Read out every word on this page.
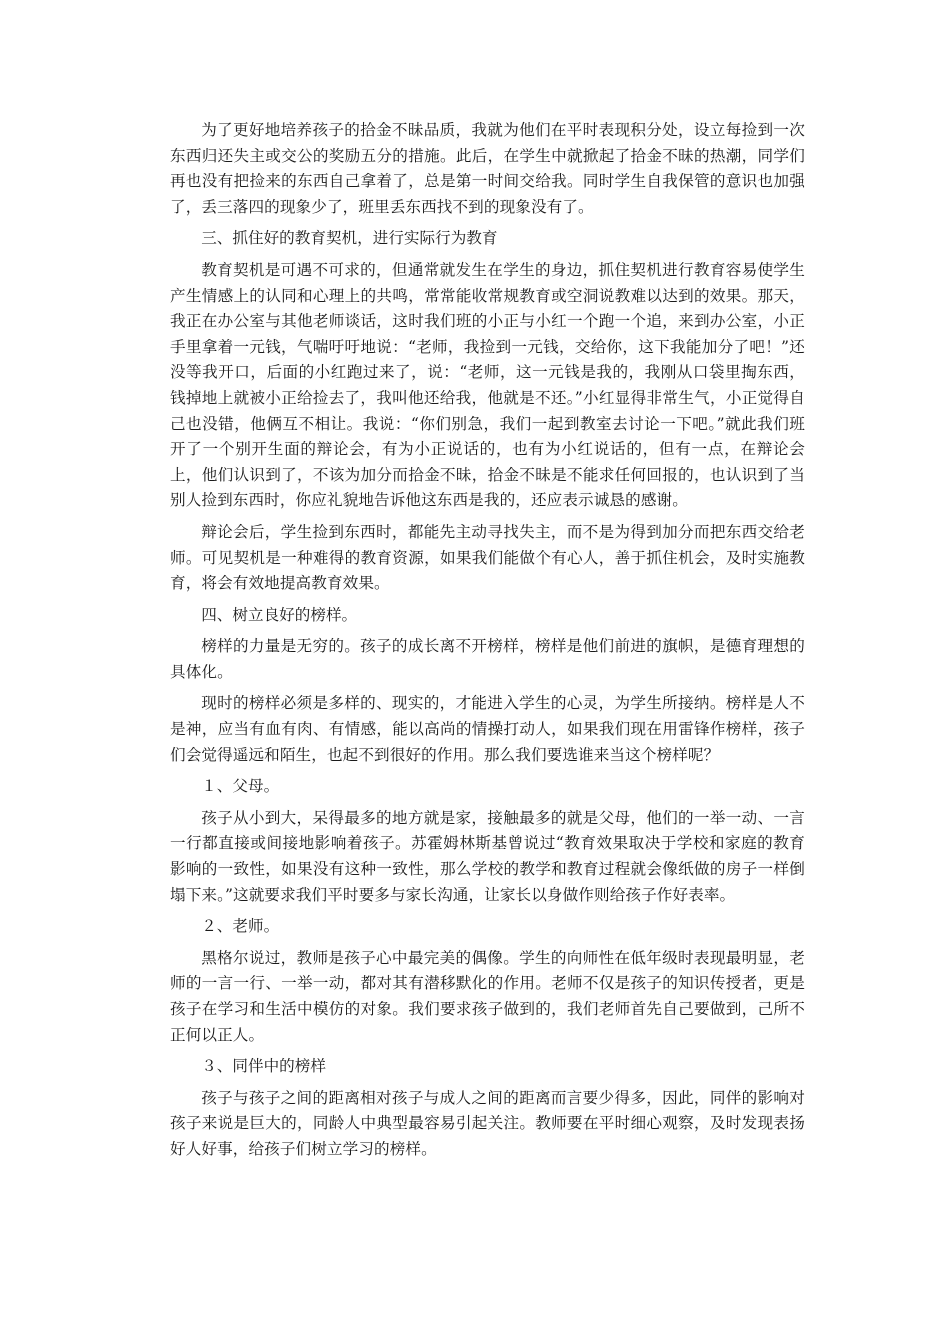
为了更好地培养孩子的拾金不昧品质，我就为他们在平时表现积分处，设立每捡到一次东西归还失主或交公的奖励五分的措施。此后，在学生中就掀起了拾金不昧的热潮，同学们再也没有把捡来的东西自己拿着了，总是第一时间交给我。同时学生自我保管的意识也加强了，丢三落四的现象少了，班里丢东西找不到的现象没有了。

三、抓住好的教育契机，进行实际行为教育

教育契机是可遇不可求的，但通常就发生在学生的身边，抓住契机进行教育容易使学生产生情感上的认同和心理上的共鸣，常常能收常规教育或空洞说教难以达到的效果。那天，我正在办公室与其他老师谈话，这时我们班的小正与小红一个跑一个追，来到办公室，小正手里拿着一元钱，气喘吁吁地说：“老师，我捡到一元钱，交给你，这下我能加分了吧！”还没等我开口，后面的小红跑过来了，说：“老师，这一元钱是我的，我刚从口袋里掏东西，钱掉地上就被小正给捡去了，我叫他还给我，他就是不还。”小红显得非常生气，小正觉得自己也没错，他俩互不相让。我说：“你们别急，我们一起到教室去讨论一下吧。”就此我们班开了一个别开生面的辩论会，有为小正说话的，也有为小红说话的，但有一点，在辩论会上，他们认识到了，不该为加分而拾金不昧，拾金不昧是不能求任何回报的，也认识到了当别人捡到东西时，你应礼貌地告诉他这东西是我的，还应表示诚恳的感谢。

辩论会后，学生捡到东西时，都能先主动寻找失主，而不是为得到加分而把东西交给老师。可见契机是一种难得的教育资源，如果我们能做个有心人，善于抓住机会，及时实施教育，将会有效地提高教育效果。

四、树立良好的榜样。

榜样的力量是无穷的。孩子的成长离不开榜样，榜样是他们前进的旗帜，是德育理想的具体化。

现时的榜样必须是多样的、现实的，才能进入学生的心灵，为学生所接纳。榜样是人不是神，应当有血有肉、有情感，能以高尚的情操打动人，如果我们现在用雷锋作榜样，孩子们会觉得遥远和陌生，也起不到很好的作用。那么我们要选谁来当这个榜样呢？

１、父母。

孩子从小到大，呆得最多的地方就是家，接触最多的就是父母，他们的一举一动、一言一行都直接或间接地影响着孩子。苏霍姆林斯基曾说过“教育效果取决于学校和家庭的教育影响的一致性，如果没有这种一致性，那么学校的教学和教育过程就会像纸做的房子一样倒塌下来。”这就要求我们平时要多与家长沟通，让家长以身做作则给孩子作好表率。

２、老师。

黑格尔说过，教师是孩子心中最完美的偶像。学生的向师性在低年级时表现最明显，老师的一言一行、一举一动，都对其有潜移默化的作用。老师不仅是孩子的知识传授者，更是孩子在学习和生活中模仿的对象。我们要求孩子做到的，我们老师首先自己要做到，己所不正何以正人。

３、同伴中的榜样

孩子与孩子之间的距离相对孩子与成人之间的距离而言要少得多，因此，同伴的影响对孩子来说是巨大的，同龄人中典型最容易引起关注。教师要在平时细心观察，及时发现表扬好人好事，给孩子们树立学习的榜样。
